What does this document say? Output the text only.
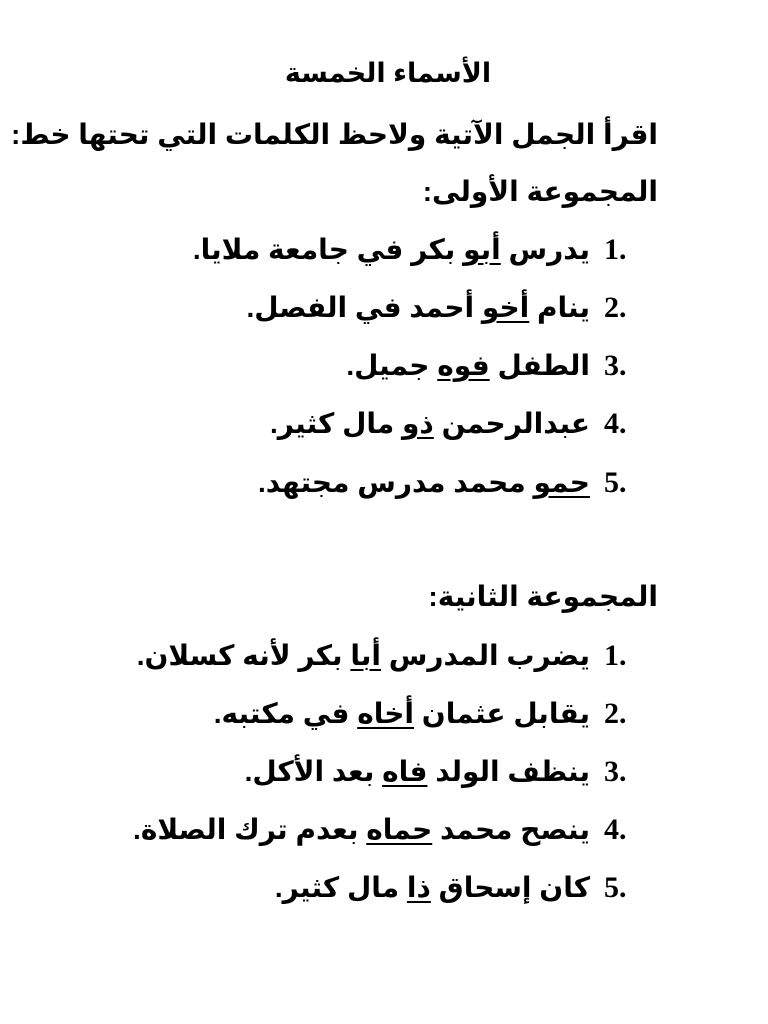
الأسماء الخمسة
اقرأ الجمل الآتية ولاحظ الكلمات التي تحتها خط:
المجموعة الأولى:
1.
يدرس أبو بكر في جامعة ملايا.
2.
ينام أخو أحمد في الفصل.
3.
الطفل فوه جميل.
4.
عبدالرحمن ذو مال كثير.
5.
حمو محمد مدرس مجتهد.
المجموعة الثانية:
1.
يضرب المدرس أبا بكر لأنه كسلان.
2.
يقابل عثمان أخاه في مكتبه.
3.
ينظف الولد فاه بعد الأكل.
4.
ينصح محمد حماه بعدم ترك الصلاة.
5.
كان إسحاق ذا مال كثير.
